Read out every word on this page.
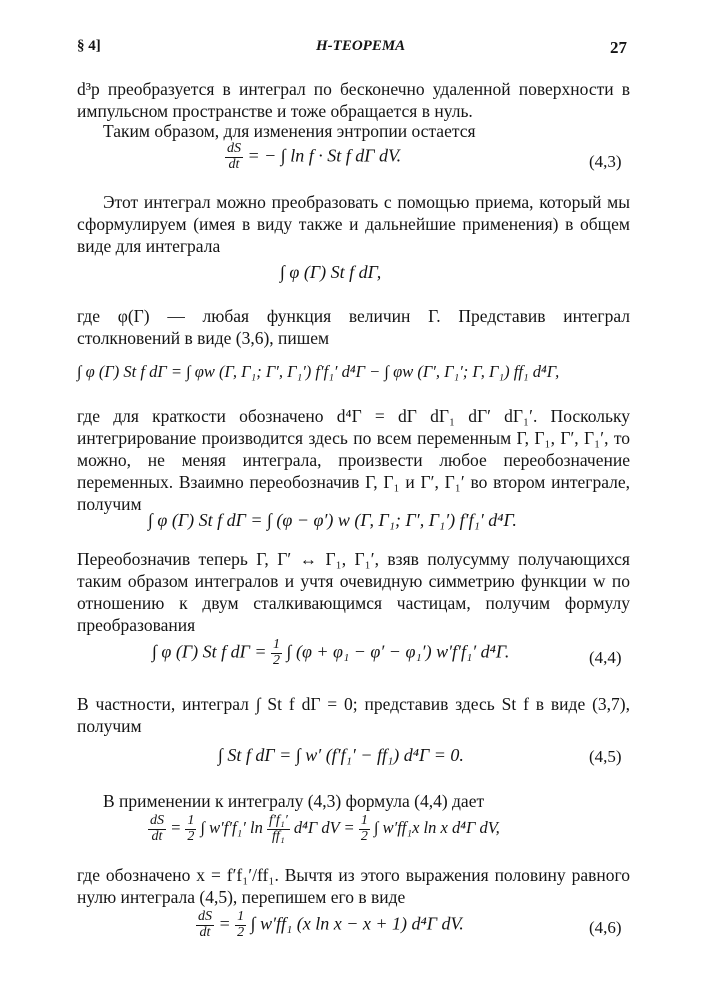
§ 4]	H-ТЕОРЕМА	27
d³p преобразуется в интеграл по бесконечно удаленной поверхности в импульсном пространстве и тоже обращается в нуль.
Таким образом, для изменения энтропии остается
$\frac{dS}{dt}$ = − ∫ ln f · St f dГ dV.	(4,3)
Этот интеграл можно преобразовать с помощью приема, который мы сформулируем (имея в виду также и дальнейшие применения) в общем виде для интеграла
∫ φ (Г) St f dГ,
где φ(Г) — любая функция величин Г. Представив интеграл столкновений в виде (3,6), пишем
∫ φ (Г) St f dГ = ∫ φw (Г, Г₁; Г′, Г₁′) f′f₁′ d⁴Г − ∫ φw (Г′, Г₁′; Г, Г₁) ff₁ d⁴Г,
где для краткости обозначено d⁴Г = dГ dГ₁ dГ′ dГ₁′. Поскольку интегрирование производится здесь по всем переменным Г, Г₁, Г′, Г₁′, то можно, не меняя интеграла, произвести любое переобозначение переменных. Взаимно переобозначив Г, Г₁ и Г′, Г₁′ во втором интеграле, получим
∫ φ (Г) St f dГ = ∫ (φ − φ′) w (Г, Г₁; Г′, Г₁′) f′f₁′ d⁴Г.
Переобозначив теперь Г, Г′ ↔ Г₁, Г₁′, взяв полусумму получающихся таким образом интегралов и учтя очевидную симметрию функции w по отношению к двум сталкивающимся частицам, получим формулу преобразования
∫ φ (Г) St f dГ = $\frac{1}{2}$ ∫ (φ + φ₁ − φ′ − φ₁′) w′f′f₁′ d⁴Г.	(4,4)
В частности, интеграл ∫ St f dГ = 0; представив здесь St f в виде (3,7), получим
∫ St f dГ = ∫ w′ (f′f₁′ − ff₁) d⁴Г = 0.	(4,5)
В применении к интегралу (4,3) формула (4,4) дает
$\frac{dS}{dt} = \frac{1}{2}$ ∫ w′f′f₁′ $\ln \frac{\text{f′f₁′}}{\text{ff₁}} d^4Г$ dV = $\frac{1}{2}$ ∫ w′ff₁x ln x d⁴Г dV,
где обозначено x = f′f₁′/ff₁. Вычтя из этого выражения половину равного нулю интеграла (4,5), перепишем его в виде
$\frac{dS}{dt} = \frac{1}{2}$ ∫ w′ff₁ (x ln x − x + 1) d⁴Г dV.	(4,6)
